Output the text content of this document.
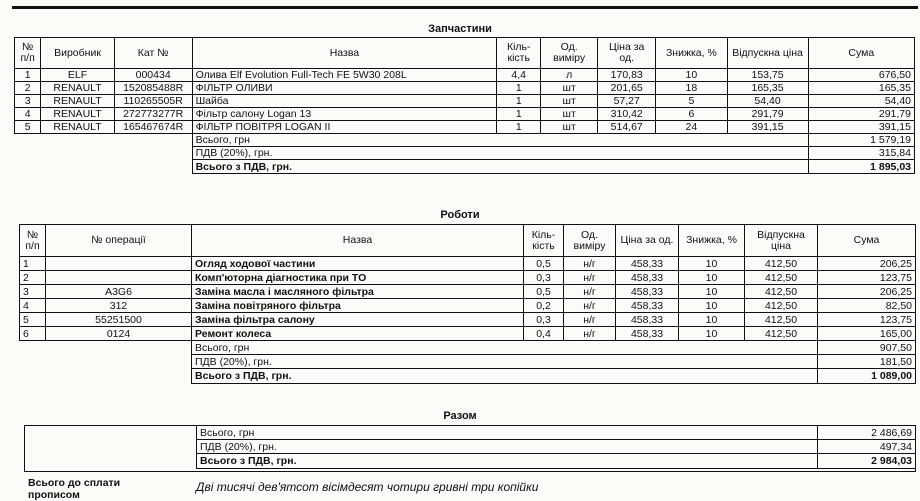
Запчастини
№ п/п	Виробник	Кат №	Назва	Кіль-кість	Од. виміру	Ціна за од.	Знижка, %	Відпускна ціна	Сума
1	ELF	000434	Олива Elf Evolution Full-Tech FE 5W30 208L	4,4	л	170,83	10	153,75	676,50
2	RENAULT	152085488R	ФІЛЬТР ОЛИВИ	1	шт	201,65	18	165,35	165,35
3	RENAULT	110265505R	Шайба	1	шт	57,27	5	54,40	54,40
4	RENAULT	272773277R	Фільтр салону Logan 13	1	шт	310,42	6	291,79	291,79
5	RENAULT	165467674R	ФІЛЬТР ПОВІТРЯ LOGAN II	1	шт	514,67	24	391,15	391,15
			Всього, грн						1 579,19
			ПДВ (20%), грн.						315,84
			Всього з ПДВ, грн.						1 895,03
Роботи
№ п/п	№ операції	Назва	Кіль-кість	Од. виміру	Ціна за од.	Знижка, %	Відпускна ціна	Сума
1		Огляд ходової частини	0,5	н/г	458,33	10	412,50	206,25
2		Комп'юторна діагностика при ТО	0,3	н/г	458,33	10	412,50	123,75
3	A3G6	Заміна масла і масляного фільтра	0,5	н/г	458,33	10	412,50	206,25
4	312	Заміна повітряного фільтра	0,2	н/г	458,33	10	412,50	82,50
5	55251500	Заміна фільтра салону	0,3	н/г	458,33	10	412,50	123,75
6	0124	Ремонт колеса	0,4	н/г	458,33	10	412,50	165,00
		Всього, грн						907,50
		ПДВ (20%), грн.						181,50
		Всього з ПДВ, грн.						1 089,00
Разом
Всього, грн	2 486,69
ПДВ (20%), грн.	497,34
Всього з ПДВ, грн.	2 984,03
Всього до сплати прописом
Дві тисячі дев'ятсот вісімдесят чотири гривні три копійки
